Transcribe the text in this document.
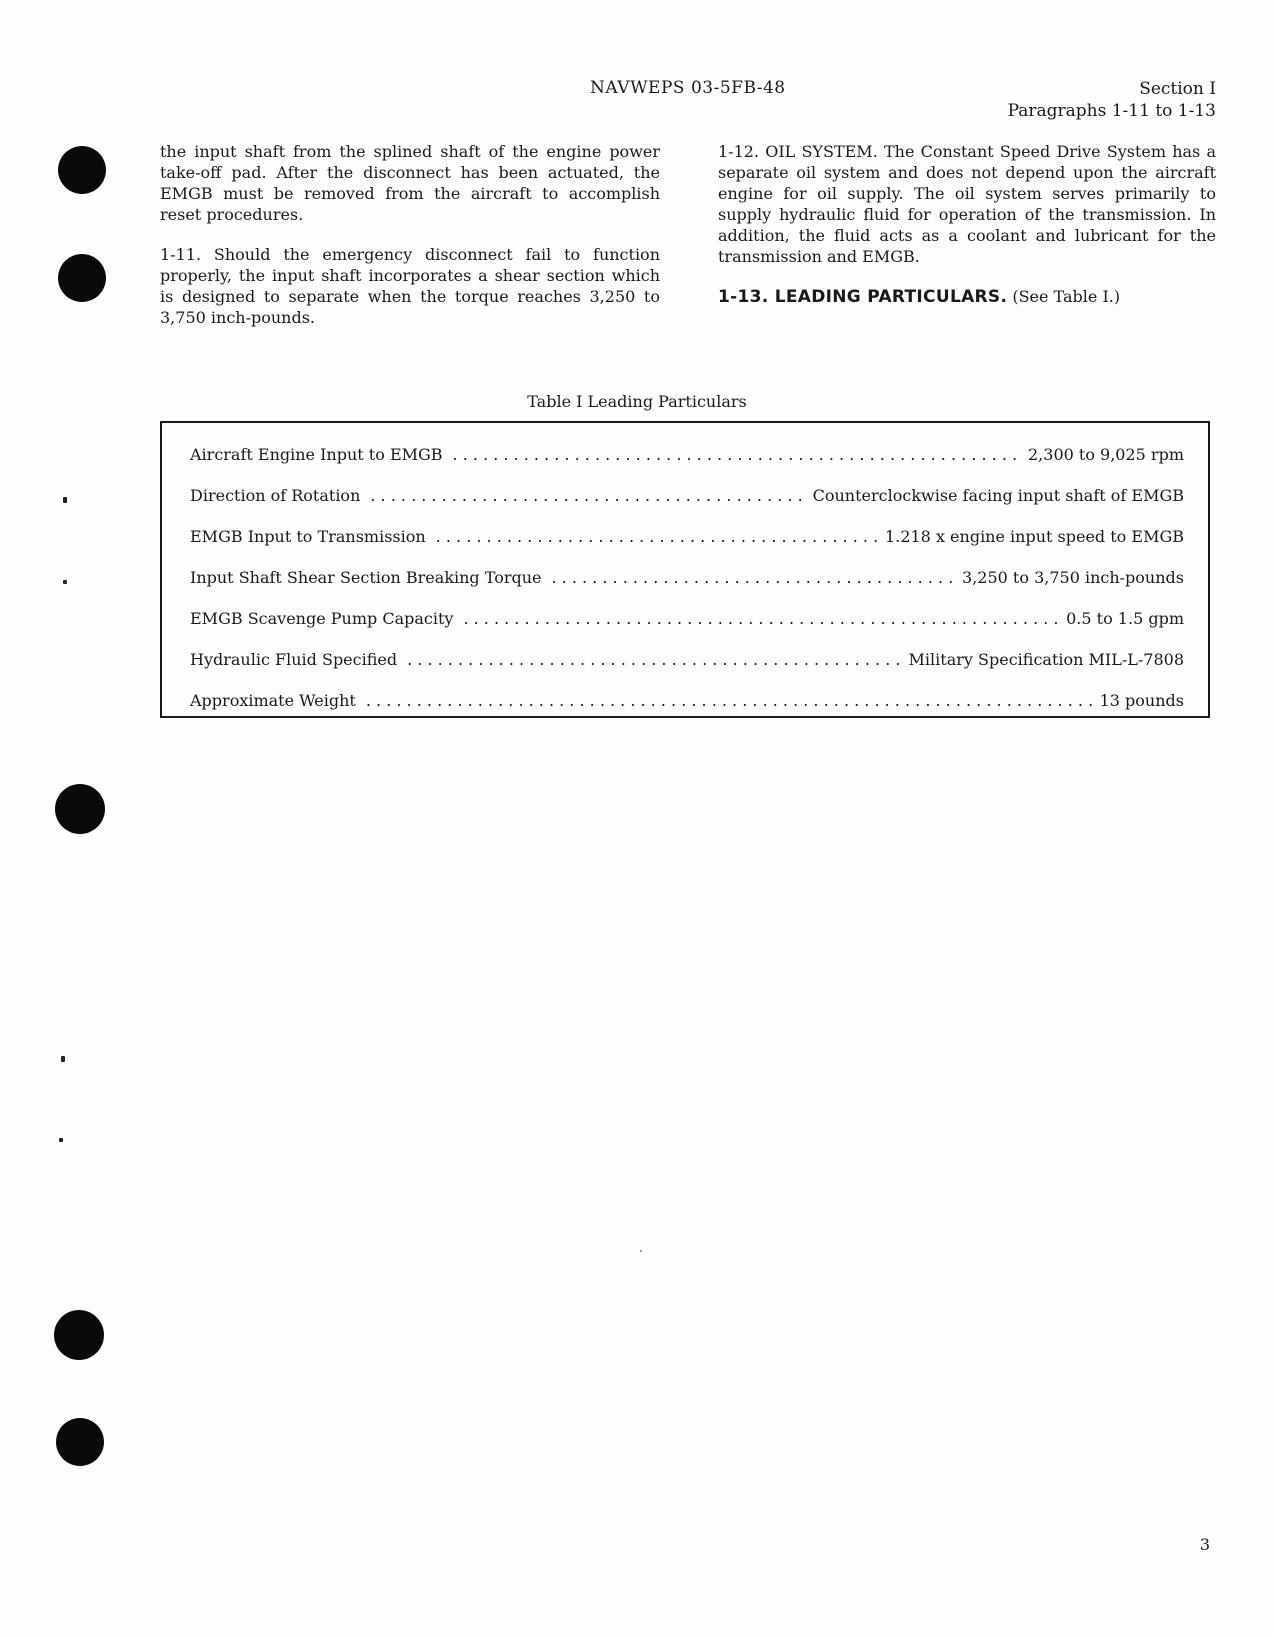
NAVWEPS 03-5FB-48	Section I
Paragraphs 1-11 to 1-13

the input shaft from the splined shaft of the engine power take-off pad. After the disconnect has been actuated, the EMGB must be removed from the aircraft to accomplish reset procedures.

1-11. Should the emergency disconnect fail to function properly, the input shaft incorporates a shear section which is designed to separate when the torque reaches 3,250 to 3,750 inch-pounds.

1-12. OIL SYSTEM. The Constant Speed Drive System has a separate oil system and does not depend upon the aircraft engine for oil supply. The oil system serves primarily to supply hydraulic fluid for operation of the transmission. In addition, the fluid acts as a coolant and lubricant for the transmission and EMGB.

1-13. LEADING PARTICULARS. (See Table I.)
Table I Leading Particulars
Aircraft Engine Input to EMGB . . .	2,300 to 9,025 rpm
Direction of Rotation . . .	Counterclockwise facing input shaft of EMGB
EMGB Input to Transmission . . .	1.218 x engine input speed to EMGB
Input Shaft Shear Section Breaking Torque . . .	3,250 to 3,750 inch-pounds
EMGB Scavenge Pump Capacity . . .	0.5 to 1.5 gpm
Hydraulic Fluid Specified . . .	Military Specification MIL-L-7808
Approximate Weight . . .	13 pounds
3
